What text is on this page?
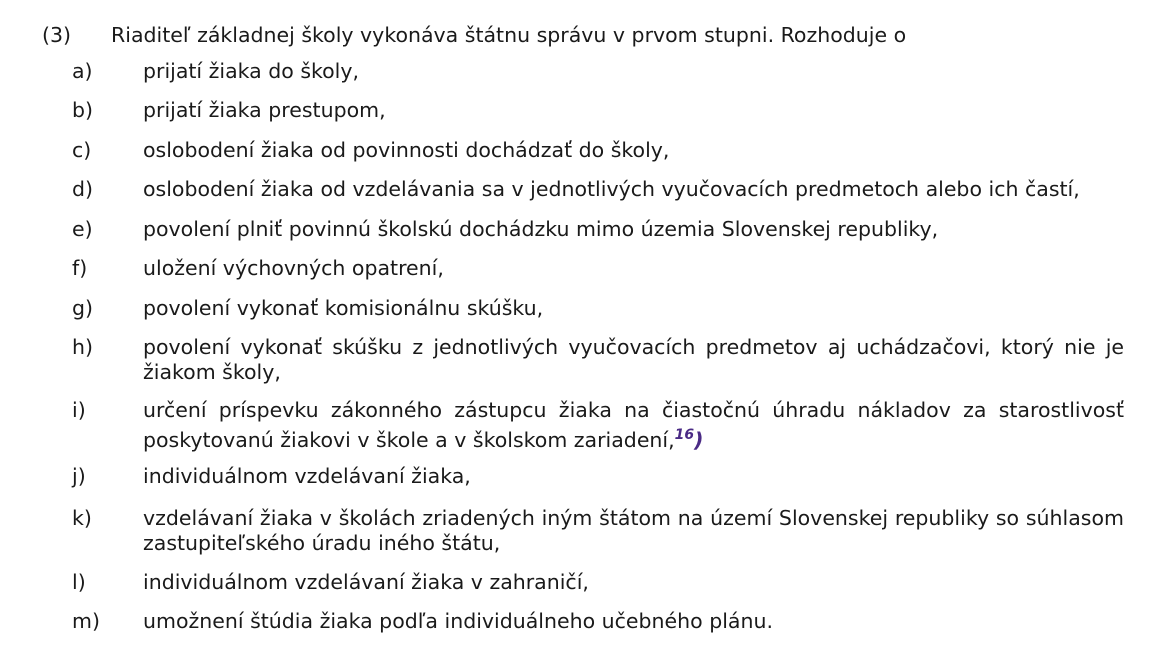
(3) Riaditeľ základnej školy vykonáva štátnu správu v prvom stupni. Rozhoduje o
a)	prijatí žiaka do školy,
b)	prijatí žiaka prestupom,
c)	oslobodení žiaka od povinnosti dochádzať do školy,
d)	oslobodení žiaka od vzdelávania sa v jednotlivých vyučovacích predmetoch alebo ich častí,
e)	povolení plniť povinnú školskú dochádzku mimo územia Slovenskej republiky,
f)	uložení výchovných opatrení,
g)	povolení vykonať komisionálnu skúšku,
h)	povolení vykonať skúšku z jednotlivých vyučovacích predmetov aj uchádzačovi, ktorý nie je žiakom školy,
i)	určení príspevku zákonného zástupcu žiaka na čiastočnú úhradu nákladov za starostlivosť poskytovanú žiakovi v škole a v školskom zariadení,$^{16}$)
j)	individuálnom vzdelávaní žiaka,
k)	vzdelávaní žiaka v školách zriadených iným štátom na území Slovenskej republiky so súhlasom zastupiteľského úradu iného štátu,
l)	individuálnom vzdelávaní žiaka v zahraničí,
m)	umožnení štúdia žiaka podľa individuálneho učebného plánu.
